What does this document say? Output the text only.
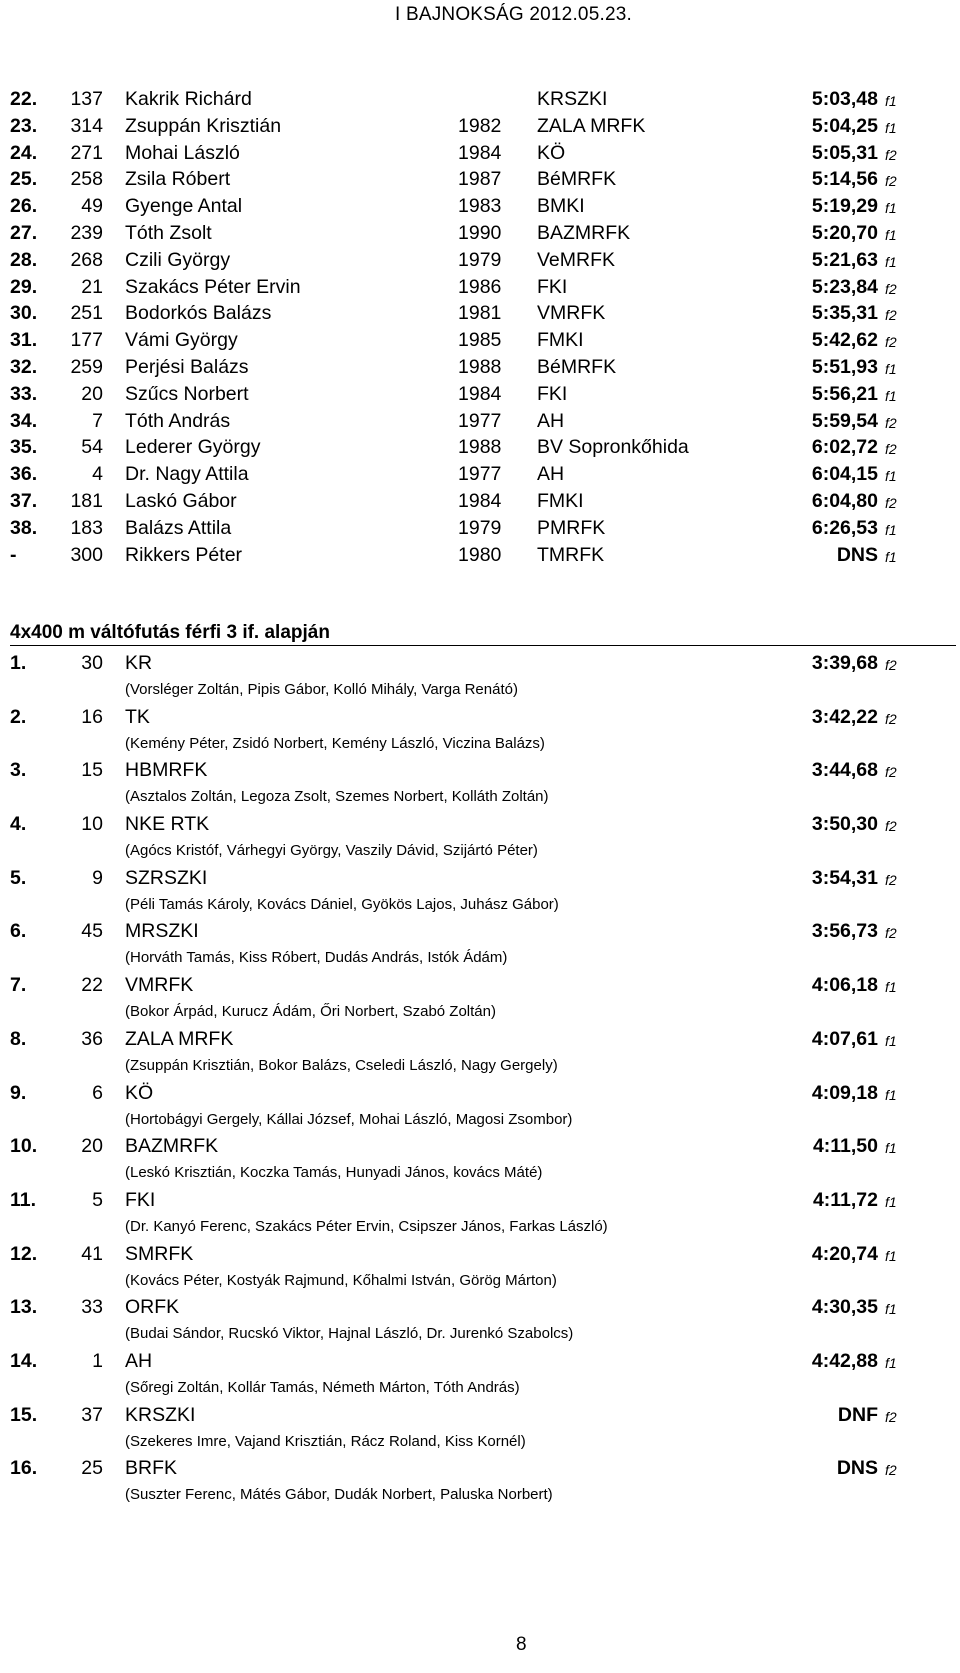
I BAJNOKSÁG 2012.05.23.
22. 137 Kakrik Richárd	KRSZKI	5:03,48 f1
23. 314 Zsuppán Krisztián	1982 ZALA MRFK	5:04,25 f1
24. 271 Mohai László	1984 KÖ	5:05,31 f2
25. 258 Zsila Róbert	1987 BéMRFK	5:14,56 f2
26. 49 Gyenge Antal	1983 BMKI	5:19,29 f1
27. 239 Tóth Zsolt	1990 BAZMRFK	5:20,70 f1
28. 268 Czili György	1979 VeMRFK	5:21,63 f1
29. 21 Szakács Péter Ervin	1986 FKI	5:23,84 f2
30. 251 Bodorkós Balázs	1981 VMRFK	5:35,31 f2
31. 177 Vámi György	1985 FMKI	5:42,62 f2
32. 259 Perjési Balázs	1988 BéMRFK	5:51,93 f1
33. 20 Szűcs Norbert	1984 FKI	5:56,21 f1
34.	7 Tóth András	1977 AH	5:59,54 f2
35. 54 Lederer György	1988 BV Sopronkőhida	6:02,72 f2
36.	4 Dr. Nagy Attila	1977 AH	6:04,15 f1
37. 181 Laskó Gábor	1984 FMKI	6:04,80 f2
38. 183 Balázs Attila	1979 PMRFK	6:26,53 f1
-	300 Rikkers Péter	1980 TMRFK	DNS f1
4x400 m váltófutás férfi 3 if. alapján
1.	30 KR	3:39,68 f2
(Vorsléger Zoltán, Pipis Gábor, Kolló Mihály, Varga Renátó)
2.	16 TK	3:42,22 f2
(Kemény Péter, Zsidó Norbert, Kemény László, Viczina Balázs)
3.	15 HBMRFK	3:44,68 f2
(Asztalos Zoltán, Legoza Zsolt, Szemes Norbert, Kolláth Zoltán)
4.	10 NKE RTK	3:50,30 f2
(Agócs Kristóf, Várhegyi György, Vaszily Dávid, Szijártó Péter)
5.	9 SZRSZKI	3:54,31 f2
(Péli Tamás Károly, Kovács Dániel, Gyökös Lajos, Juhász Gábor)
6.	45 MRSZKI	3:56,73 f2
(Horváth Tamás, Kiss Róbert, Dudás András, Istók Ádám)
7.	22 VMRFK	4:06,18 f1
(Bokor Árpád, Kurucz Ádám, Őri Norbert, Szabó Zoltán)
8.	36 ZALA MRFK	4:07,61 f1
(Zsuppán Krisztián, Bokor Balázs, Cseledi László, Nagy Gergely)
9.	6 KÖ	4:09,18 f1
(Hortobágyi Gergely, Kállai József, Mohai László, Magosi Zsombor)
10. 20 BAZMRFK	4:11,50 f1
(Leskó Krisztián, Koczka Tamás, Hunyadi János, kovács Máté)
11.	5 FKI	4:11,72 f1
(Dr. Kanyó Ferenc, Szakács Péter Ervin, Csipszer János, Farkas László)
12. 41 SMRFK	4:20,74 f1
(Kovács Péter, Kostyák Rajmund, Kőhalmi István, Görög Márton)
13. 33 ORFK	4:30,35 f1
(Budai Sándor, Rucskó Viktor, Hajnal László, Dr. Jurenkó Szabolcs)
14.	1 AH	4:42,88 f1
(Sőregi Zoltán, Kollár Tamás, Németh Márton, Tóth András)
15. 37 KRSZKI	DNF f2
(Szekeres Imre, Vajand Krisztián, Rácz Roland, Kiss Kornél)
16. 25 BRFK	DNS f2
(Suszter Ferenc, Mátés Gábor, Dudák Norbert, Paluska Norbert)
8
